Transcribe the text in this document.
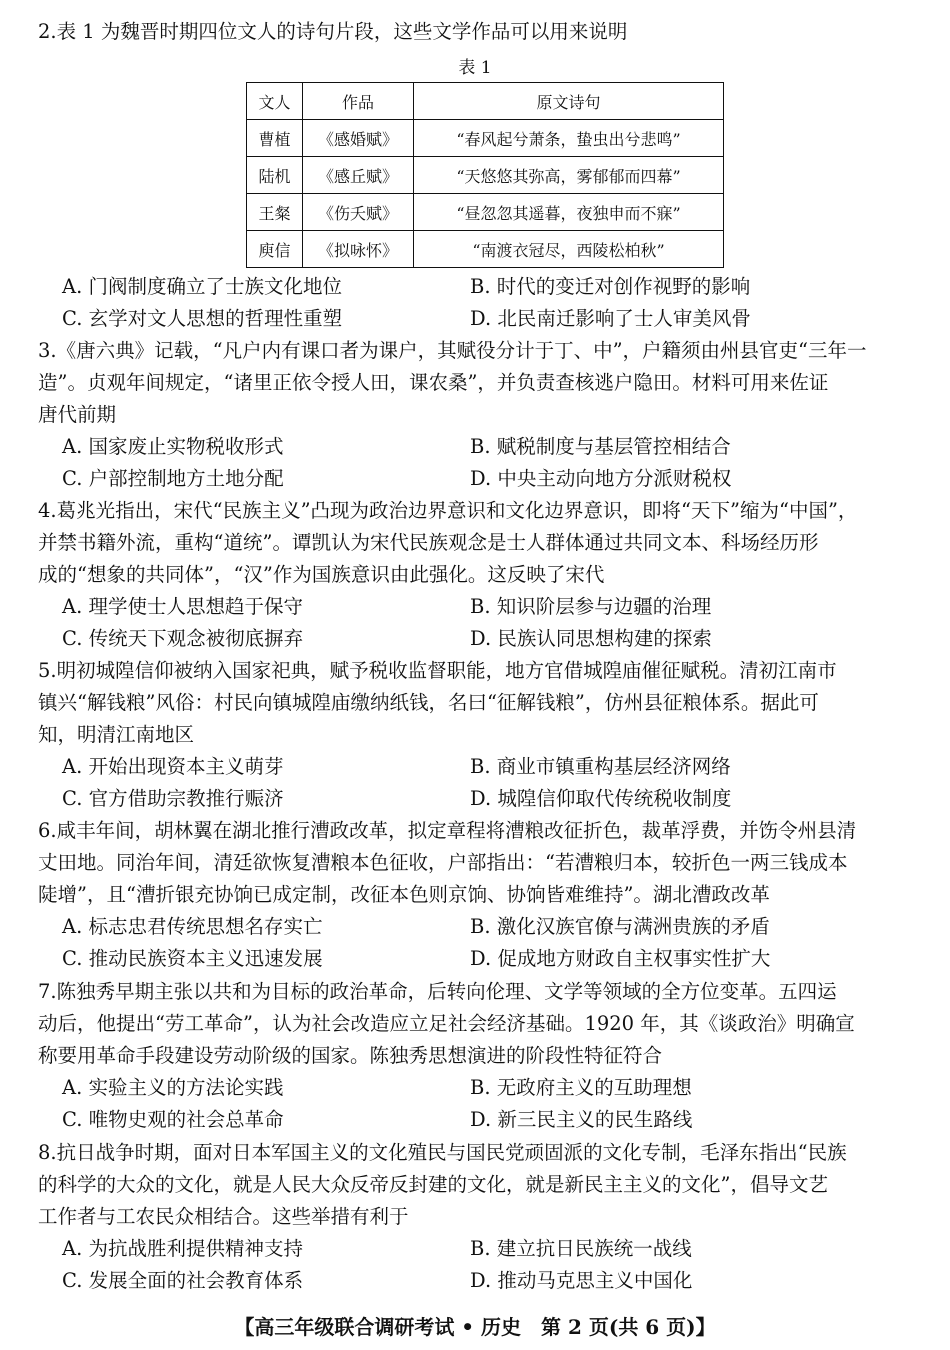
2.表 1 为魏晋时期四位文人的诗句片段，这些文学作品可以用来说明
表 1
文人	作品	原文诗句
曹植	《感婚赋》	“春风起兮萧条，蛰虫出兮悲鸣”
陆机	《感丘赋》	“天悠悠其弥高，雾郁郁而四幕”
王粲	《伤夭赋》	“昼忽忽其遥暮，夜独申而不寐”
庾信	《拟咏怀》	“南渡衣冠尽，西陵松柏秋”
A. 门阀制度确立了士族文化地位	B. 时代的变迁对创作视野的影响
C. 玄学对文人思想的哲理性重塑	D. 北民南迁影响了士人审美风骨
3.《唐六典》记载，“凡户内有课口者为课户，其赋役分计于丁、中”，户籍须由州县官吏“三年一
造”。贞观年间规定，“诸里正依令授人田，课农桑”，并负责查核逃户隐田。材料可用来佐证
唐代前期
A. 国家废止实物税收形式	B. 赋税制度与基层管控相结合
C. 户部控制地方土地分配	D. 中央主动向地方分派财税权
4.葛兆光指出，宋代“民族主义”凸现为政治边界意识和文化边界意识，即将“天下”缩为“中国”，
并禁书籍外流，重构“道统”。谭凯认为宋代民族观念是士人群体通过共同文本、科场经历形
成的“想象的共同体”，“汉”作为国族意识由此强化。这反映了宋代
A. 理学使士人思想趋于保守	B. 知识阶层参与边疆的治理
C. 传统天下观念被彻底摒弃	D. 民族认同思想构建的探索
5.明初城隍信仰被纳入国家祀典，赋予税收监督职能，地方官借城隍庙催征赋税。清初江南市
镇兴“解钱粮”风俗：村民向镇城隍庙缴纳纸钱，名曰“征解钱粮”，仿州县征粮体系。据此可
知，明清江南地区
A. 开始出现资本主义萌芽	B. 商业市镇重构基层经济网络
C. 官方借助宗教推行赈济	D. 城隍信仰取代传统税收制度
6.咸丰年间，胡林翼在湖北推行漕政改革，拟定章程将漕粮改征折色，裁革浮费，并饬令州县清
丈田地。同治年间，清廷欲恢复漕粮本色征收，户部指出：“若漕粮归本，较折色一两三钱成本
陡增”，且“漕折银充协饷已成定制，改征本色则京饷、协饷皆难维持”。湖北漕政改革
A. 标志忠君传统思想名存实亡	B. 激化汉族官僚与满洲贵族的矛盾
C. 推动民族资本主义迅速发展	D. 促成地方财政自主权事实性扩大
7.陈独秀早期主张以共和为目标的政治革命，后转向伦理、文学等领域的全方位变革。五四运
动后，他提出“劳工革命”，认为社会改造应立足社会经济基础。1920 年，其《谈政治》明确宣
称要用革命手段建设劳动阶级的国家。陈独秀思想演进的阶段性特征符合
A. 实验主义的方法论实践	B. 无政府主义的互助理想
C. 唯物史观的社会总革命	D. 新三民主义的民生路线
8.抗日战争时期，面对日本军国主义的文化殖民与国民党顽固派的文化专制，毛泽东指出“民族
的科学的大众的文化，就是人民大众反帝反封建的文化，就是新民主主义的文化”，倡导文艺
工作者与工农民众相结合。这些举措有利于
A. 为抗战胜利提供精神支持	B. 建立抗日民族统一战线
C. 发展全面的社会教育体系	D. 推动马克思主义中国化
【高三年级联合调研考试 • 历史　第 2 页(共 6 页)】
